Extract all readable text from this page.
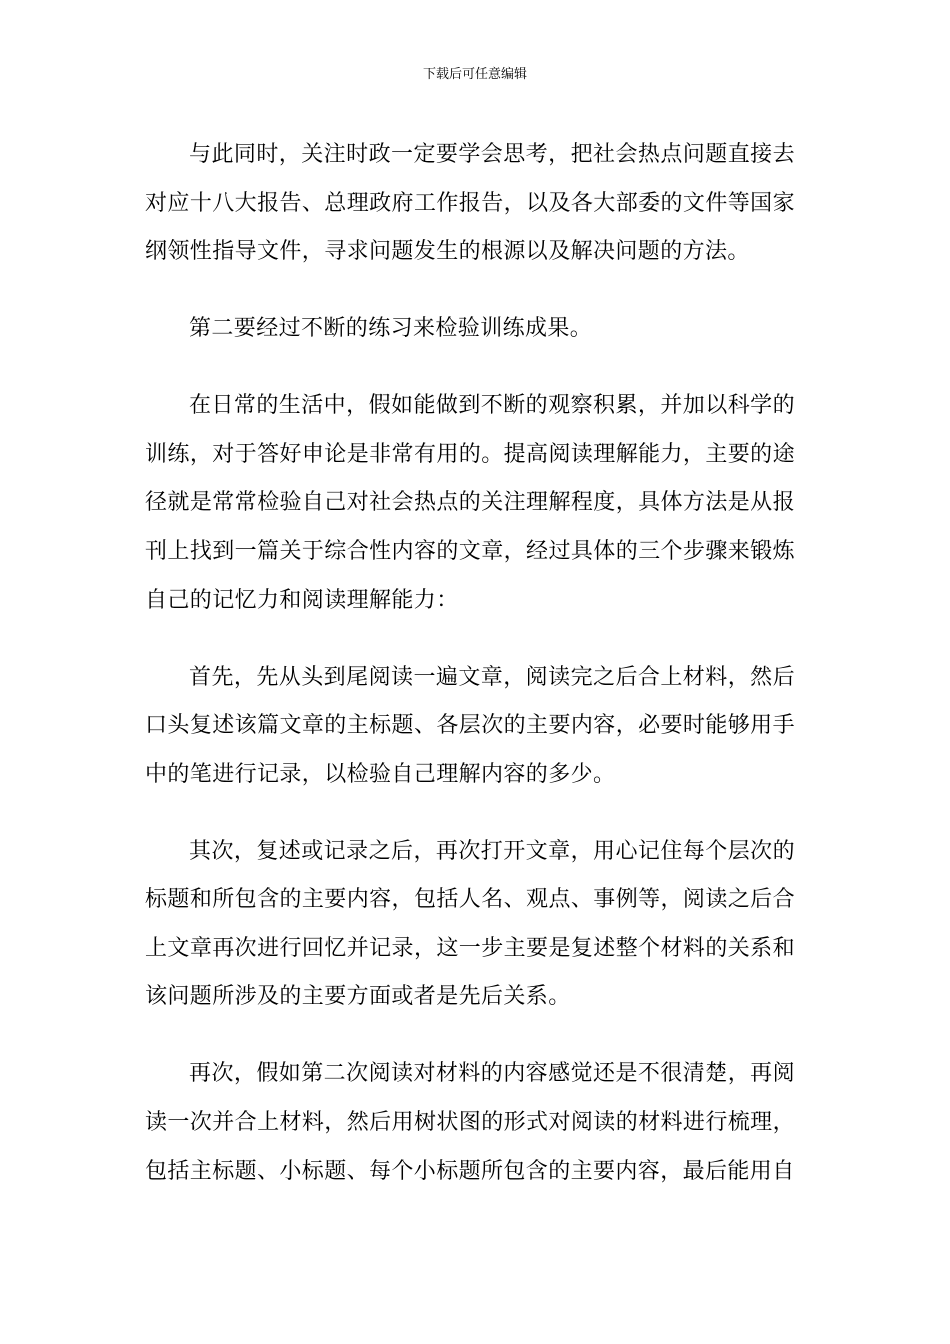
下载后可任意编辑

与此同时，关注时政一定要学会思考，把社会热点问题直接去对应十八大报告、总理政府工作报告，以及各大部委的文件等国家纲领性指导文件，寻求问题发生的根源以及解决问题的方法。

第二要经过不断的练习来检验训练成果。

在日常的生活中，假如能做到不断的观察积累，并加以科学的训练，对于答好申论是非常有用的。提高阅读理解能力，主要的途径就是常常检验自己对社会热点的关注理解程度，具体方法是从报刊上找到一篇关于综合性内容的文章，经过具体的三个步骤来锻炼自己的记忆力和阅读理解能力：

首先，先从头到尾阅读一遍文章，阅读完之后合上材料，然后口头复述该篇文章的主标题、各层次的主要内容，必要时能够用手中的笔进行记录，以检验自己理解内容的多少。

其次，复述或记录之后，再次打开文章，用心记住每个层次的标题和所包含的主要内容，包括人名、观点、事例等，阅读之后合上文章再次进行回忆并记录，这一步主要是复述整个材料的关系和该问题所涉及的主要方面或者是先后关系。

再次，假如第二次阅读对材料的内容感觉还是不很清楚，再阅读一次并合上材料，然后用树状图的形式对阅读的材料进行梳理，包括主标题、小标题、每个小标题所包含的主要内容，最后能用自
